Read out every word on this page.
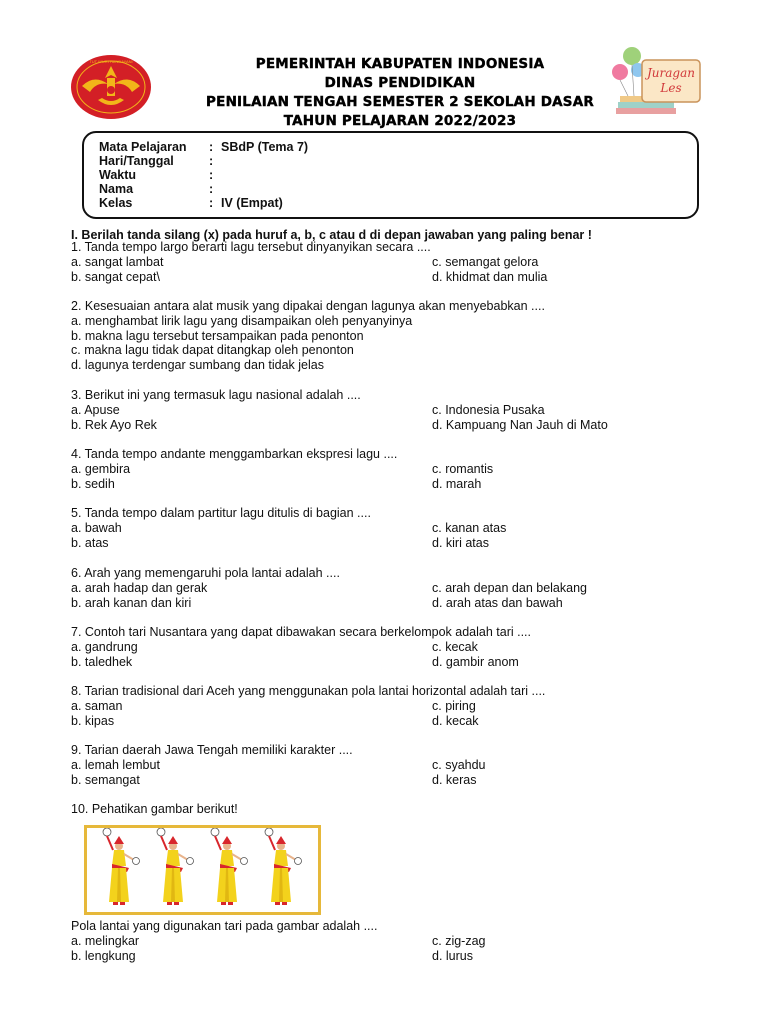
TUT WURI HANDAYANI	PEMERINTAH KABUPATEN INDONESIA
DINAS PENDIDIKAN
PENILAIAN TENGAH SEMESTER 2 SEKOLAH DASAR
TAHUN PELAJARAN 2022/2023
Juragan
Les
Mata Pelajaran : SBdP (Tema 7)
Hari/Tanggal	:
Waktu	:
Nama	:
Kelas	: IV (Empat)
I. Berilah tanda silang (x) pada huruf a, b, c atau d di depan jawaban yang paling benar !
1. Tanda tempo largo berarti lagu tersebut dinyanyikan secara ....
a. sangat lambat	c. semangat gelora
b. sangat cepat\	d. khidmat dan mulia
2. Kesesuaian antara alat musik yang dipakai dengan lagunya akan menyebabkan ....
a. menghambat lirik lagu yang disampaikan oleh penyanyinya
b. makna lagu tersebut tersampaikan pada penonton
c. makna lagu tidak dapat ditangkap oleh penonton
d. lagunya terdengar sumbang dan tidak jelas
3. Berikut ini yang termasuk lagu nasional adalah ....
a. Apuse	c. Indonesia Pusaka
b. Rek Ayo Rek	d. Kampuang Nan Jauh di Mato
4. Tanda tempo andante menggambarkan ekspresi lagu ....
a. gembira	c. romantis
b. sedih	d. marah
5. Tanda tempo dalam partitur lagu ditulis di bagian ....
a. bawah	c. kanan atas
b. atas	d. kiri atas
6. Arah yang memengaruhi pola lantai adalah ....
a. arah hadap dan gerak	c. arah depan dan belakang
b. arah kanan dan kiri	d. arah atas dan bawah
7. Contoh tari Nusantara yang dapat dibawakan secara berkelompok adalah tari ....
a. gandrung	c. kecak
b. taledhek	d. gambir anom
8. Tarian tradisional dari Aceh yang menggunakan pola lantai horizontal adalah tari ....
a. saman	c. piring
b. kipas	d. kecak
9. Tarian daerah Jawa Tengah memiliki karakter ....
a. lemah lembut	c. syahdu
b. semangat	d. keras
10. Pehatikan gambar berikut!
Pola lantai yang digunakan tari pada gambar adalah ....
a. melingkar	c. zig-zag
b. lengkung	d. lurus
